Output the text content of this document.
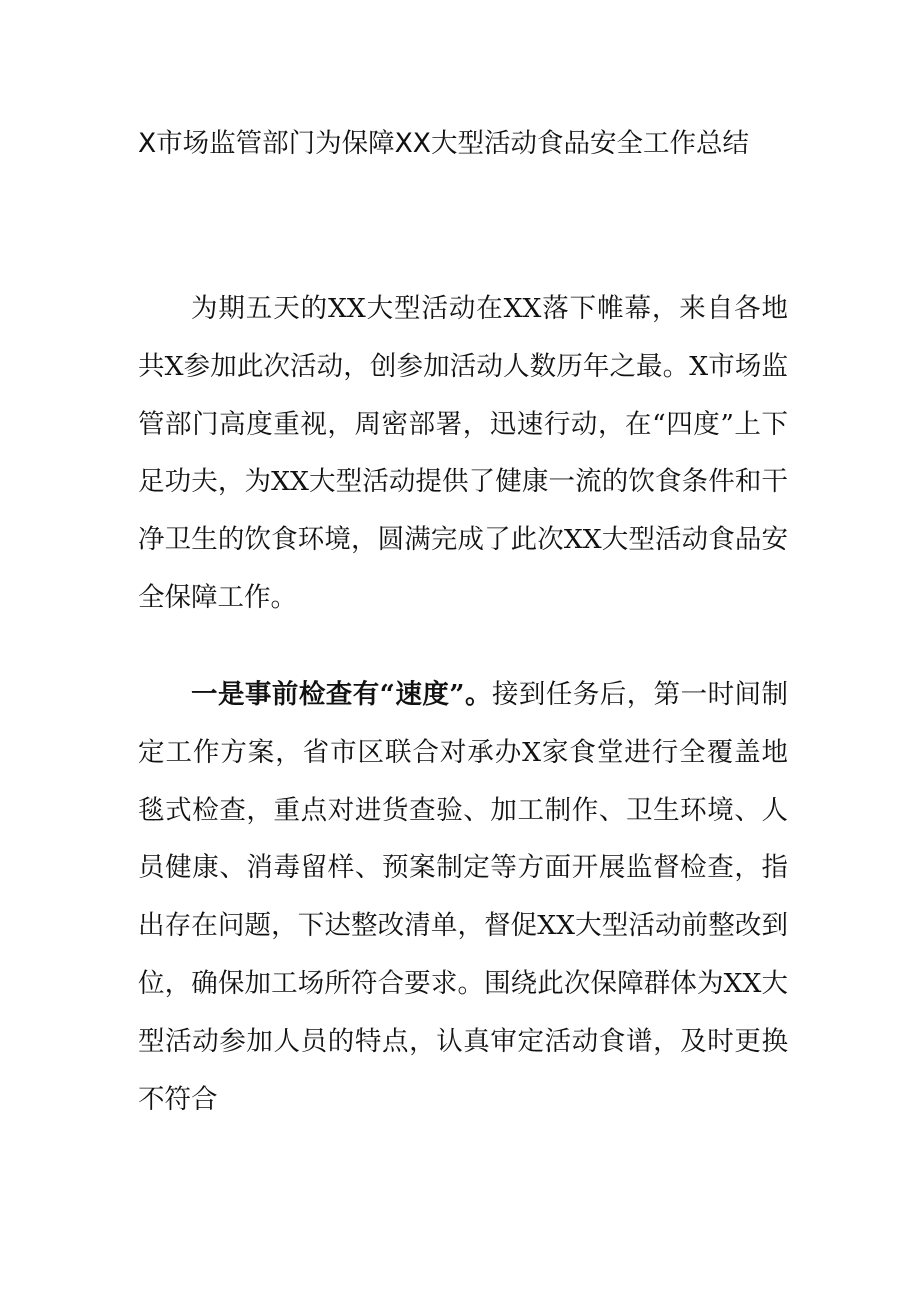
X市场监管部门为保障XX大型活动食品安全工作总结

为期五天的XX大型活动在XX落下帷幕，来自各地共X参加此次活动，创参加活动人数历年之最。X市场监管部门高度重视，周密部署，迅速行动，在“四度”上下足功夫，为XX大型活动提供了健康一流的饮食条件和干净卫生的饮食环境，圆满完成了此次XX大型活动食品安全保障工作。

一是事前检查有“速度”。接到任务后，第一时间制定工作方案，省市区联合对承办X家食堂进行全覆盖地毯式检查，重点对进货查验、加工制作、卫生环境、人员健康、消毒留样、预案制定等方面开展监督检查，指出存在问题，下达整改清单，督促XX大型活动前整改到位，确保加工场所符合要求。围绕此次保障群体为XX大型活动参加人员的特点，认真审定活动食谱，及时更换不符合
